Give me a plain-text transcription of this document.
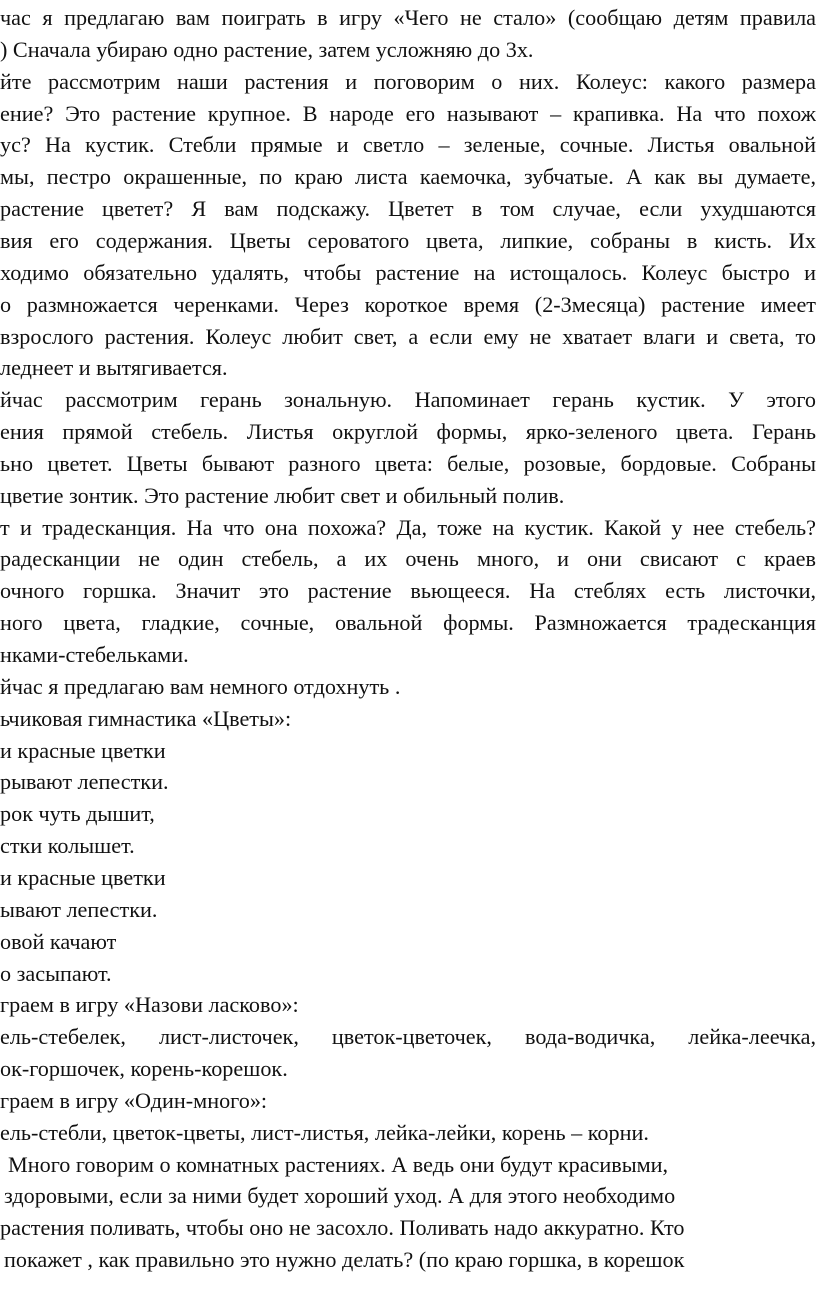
час я предлагаю вам поиграть в игру «Чего не стало» (сообщаю детям правила
) Сначала убираю одно растение, затем усложняю до 3х.
йте рассмотрим наши растения и поговорим о них. Колеус: какого размера
ение? Это растение крупное. В народе его называют – крапивка. На что похож
ус? На кустик. Стебли прямые и светло – зеленые, сочные. Листья овальной
мы, пестро окрашенные, по краю листа каемочка, зубчатые. А как вы думаете,
растение цветет? Я вам подскажу. Цветет в том случае, если ухудшаются
вия его содержания. Цветы сероватого цвета, липкие, собраны в кисть. Их
ходимо обязательно удалять, чтобы растение на истощалось. Колеус быстро и
о размножается черенками. Через короткое время (2-3месяца) растение имеет
взрослого растения. Колеус любит свет, а если ему не хватает влаги и света, то
леднеет и вытягивается.
йчас рассмотрим герань зональную. Напоминает герань кустик. У этого
ения прямой стебель. Листья округлой формы, ярко-зеленого цвета. Герань
ьно цветет. Цветы бывают разного цвета: белые, розовые, бордовые. Собраны
цветие зонтик. Это растение любит свет и обильный полив.
т и традесканция. На что она похожа? Да, тоже на кустик. Какой у нее стебель?
радесканции не один стебель, а их очень много, и они свисают с краев
очного горшка. Значит это растение вьющееся. На стеблях есть листочки,
ного цвета, гладкие, сочные, овальной формы. Размножается традесканция
нками-стебельками.
йчас я предлагаю вам немного отдохнуть .
ьчиковая гимнастика «Цветы»:
и красные цветки
рывают лепестки.
рок чуть дышит,
стки колышет.
и красные цветки
ывают лепестки.
овой качают
о засыпают.
граем в игру «Назови ласково»:
ель-стебелек, лист-листочек, цветок-цветочек, вода-водичка, лейка-леечка,
ок-горшочек, корень-корешок.
граем в игру «Один-много»:
ель-стебли, цветок-цветы, лист-листья, лейка-лейки, корень – корни.
Много говорим о комнатных растениях. А ведь они будут красивыми,
здоровыми, если за ними будет хороший уход. А для этого необходимо
растения поливать, чтобы оно не засохло. Поливать надо аккуратно. Кто
покажет , как правильно это нужно делать? (по краю горшка, в корешок
